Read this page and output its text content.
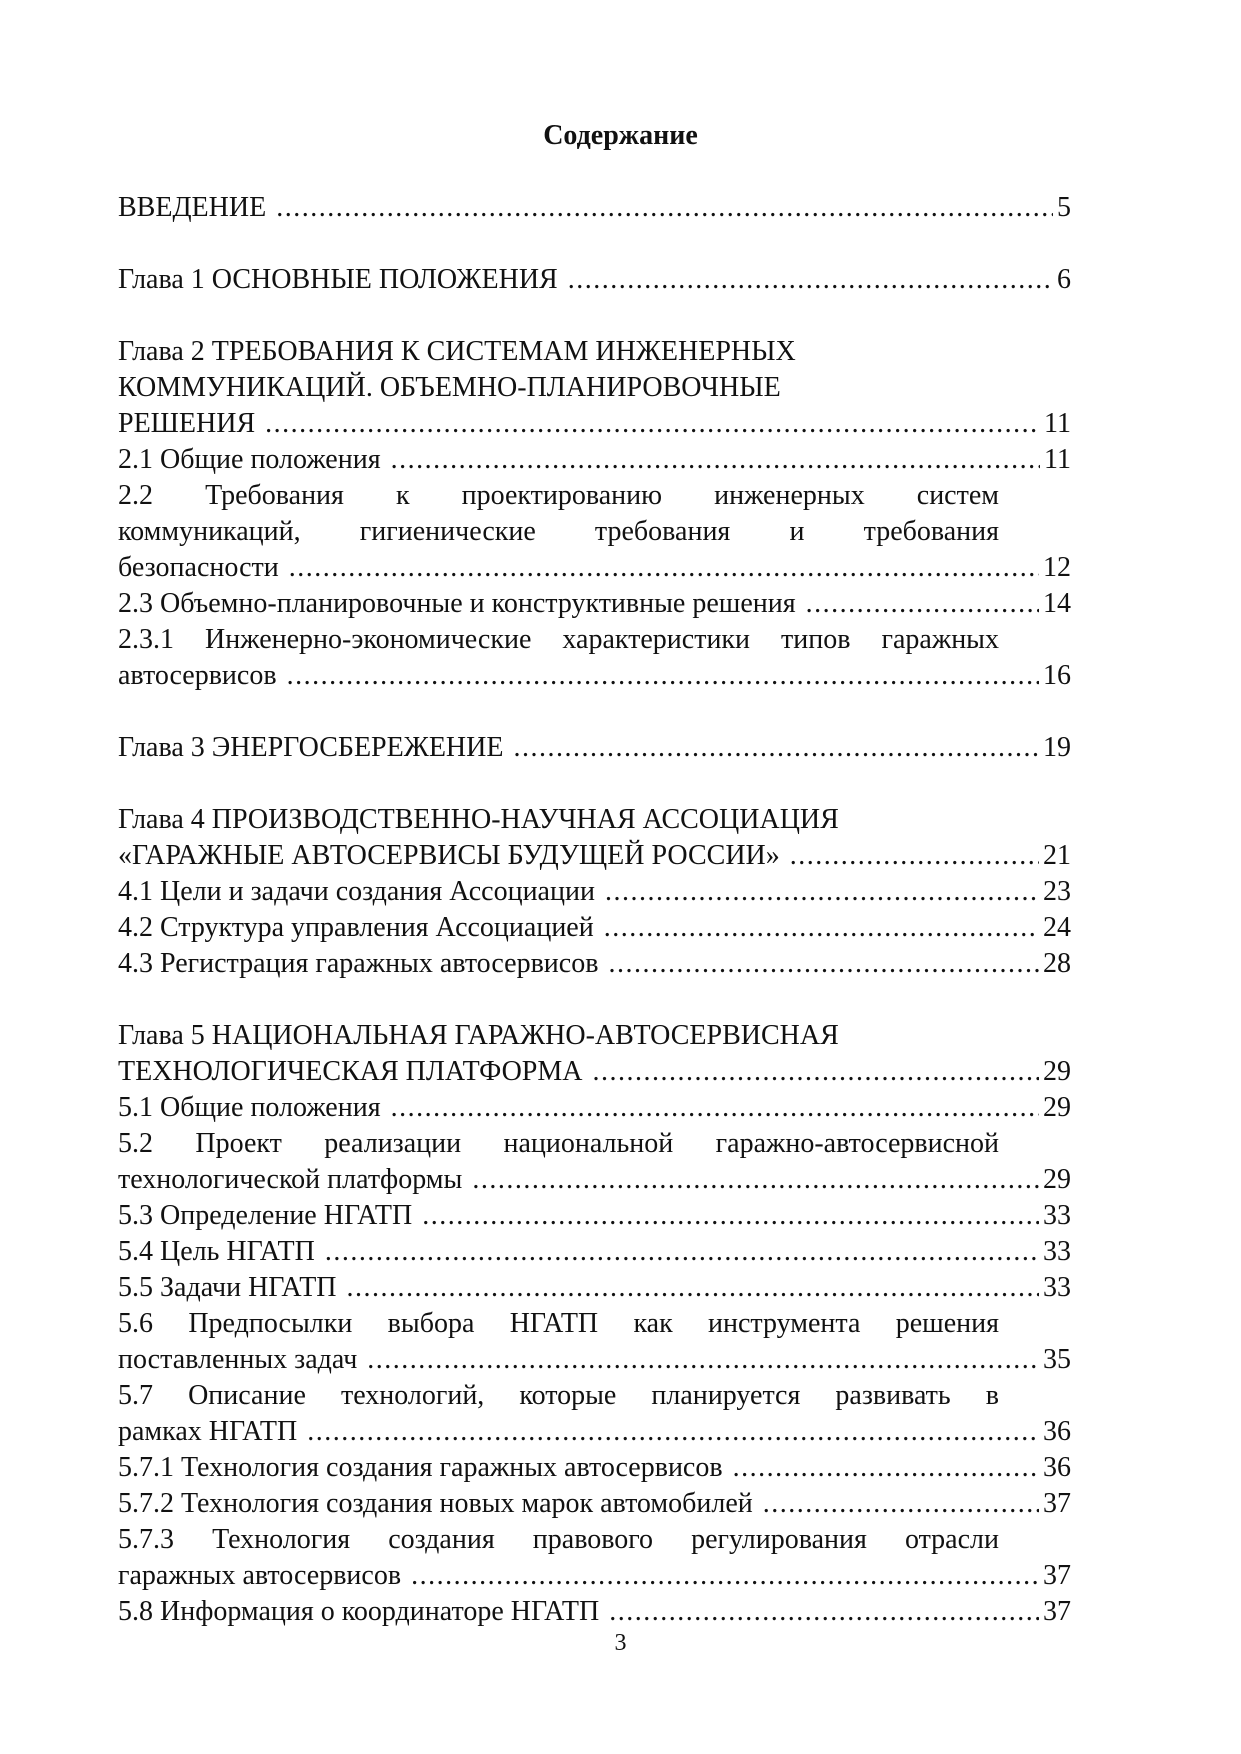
Содержание
ВВЕДЕНИЕ .....	5
Глава 1 ОСНОВНЫЕ ПОЛОЖЕНИЯ .....	6
Глава 2 ТРЕБОВАНИЯ К СИСТЕМАМ ИНЖЕНЕРНЫХ
КОММУНИКАЦИЙ. ОБЪЕМНО-ПЛАНИРОВОЧНЫЕ
РЕШЕНИЯ .....	11
2.1 Общие положения .....	11
2.2 Требования к проектированию инженерных систем
коммуникаций, гигиенические требования и требования
безопасности .....	12
2.3 Объемно-планировочные и конструктивные решения .....	14
2.3.1 Инженерно-экономические характеристики типов гаражных
автосервисов .....	16
Глава 3 ЭНЕРГОСБЕРЕЖЕНИЕ .....	19
Глава 4 ПРОИЗВОДСТВЕННО-НАУЧНАЯ АССОЦИАЦИЯ
«ГАРАЖНЫЕ АВТОСЕРВИСЫ БУДУЩЕЙ РОССИИ» .....	21
4.1 Цели и задачи создания Ассоциации .....	23
4.2 Структура управления Ассоциацией .....	24
4.3 Регистрация гаражных автосервисов .....	28
Глава 5 НАЦИОНАЛЬНАЯ ГАРАЖНО-АВТОСЕРВИСНАЯ
ТЕХНОЛОГИЧЕСКАЯ ПЛАТФОРМА .....	29
5.1 Общие положения .....	29
5.2 Проект реализации национальной гаражно-автосервисной
технологической платформы .....	29
5.3 Определение НГАТП .....	33
5.4 Цель НГАТП .....	33
5.5 Задачи НГАТП .....	33
5.6 Предпосылки выбора НГАТП как инструмента решения
поставленных задач .....	35
5.7 Описание технологий, которые планируется развивать в
рамках НГАТП .....	36
5.7.1 Технология создания гаражных автосервисов .....	36
5.7.2 Технология создания новых марок автомобилей .....	37
5.7.3 Технология создания правового регулирования отрасли
гаражных автосервисов .....	37
5.8 Информация о координаторе НГАТП .....	37
3
